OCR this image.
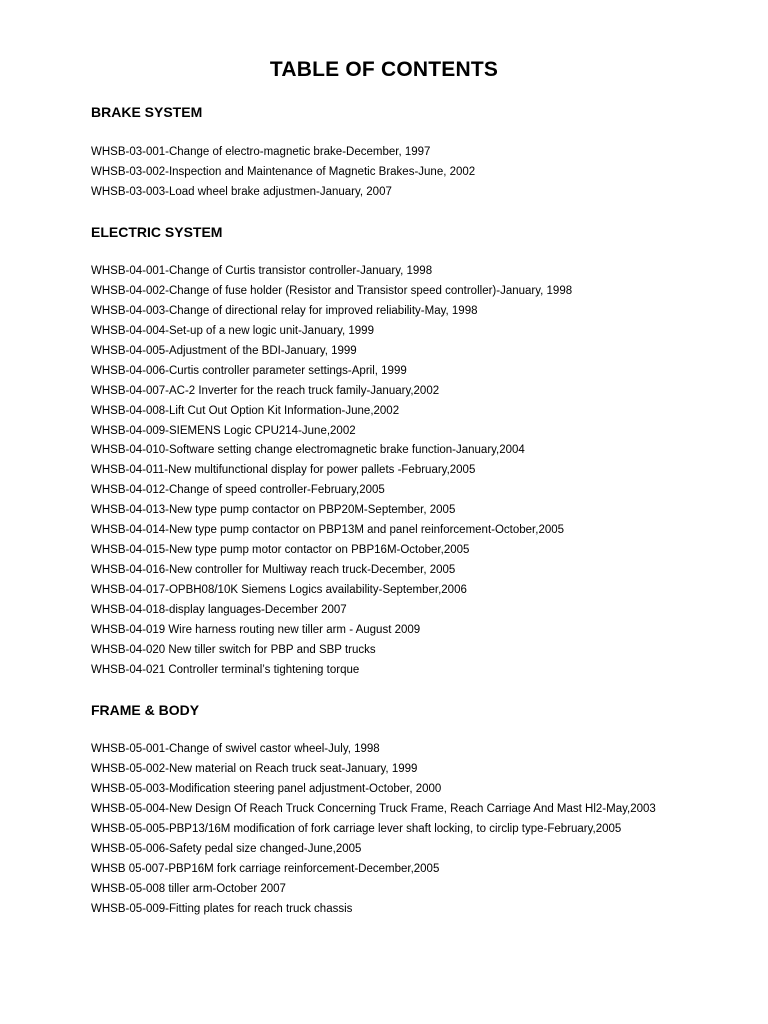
TABLE OF CONTENTS
BRAKE SYSTEM
WHSB-03-001-Change of electro-magnetic brake-December, 1997
WHSB-03-002-Inspection and Maintenance of Magnetic Brakes-June, 2002
WHSB-03-003-Load wheel brake adjustmen-January, 2007
ELECTRIC SYSTEM
WHSB-04-001-Change of Curtis transistor controller-January, 1998
WHSB-04-002-Change of fuse holder (Resistor and Transistor speed controller)-January, 1998
WHSB-04-003-Change of directional relay for improved reliability-May, 1998
WHSB-04-004-Set-up of a new logic unit-January, 1999
WHSB-04-005-Adjustment of the BDI-January, 1999
WHSB-04-006-Curtis controller parameter settings-April, 1999
WHSB-04-007-AC-2 Inverter for the reach truck family-January,2002
WHSB-04-008-Lift Cut Out Option Kit Information-June,2002
WHSB-04-009-SIEMENS Logic CPU214-June,2002
WHSB-04-010-Software setting change electromagnetic brake function-January,2004
WHSB-04-011-New multifunctional display for power pallets -February,2005
WHSB-04-012-Change of speed controller-February,2005
WHSB-04-013-New type pump contactor on PBP20M-September, 2005
WHSB-04-014-New type pump contactor on PBP13M and panel reinforcement-October,2005
WHSB-04-015-New type pump motor contactor on PBP16M-October,2005
WHSB-04-016-New controller for Multiway reach truck-December, 2005
WHSB-04-017-OPBH08/10K Siemens Logics availability-September,2006
WHSB-04-018-display languages-December 2007
WHSB-04-019 Wire harness routing new tiller arm - August 2009
WHSB-04-020 New tiller switch for PBP and SBP trucks
WHSB-04-021 Controller terminal’s tightening torque
FRAME & BODY
WHSB-05-001-Change of swivel castor wheel-July, 1998
WHSB-05-002-New material on Reach truck seat-January, 1999
WHSB-05-003-Modification steering panel adjustment-October, 2000
WHSB-05-004-New Design Of Reach Truck Concerning Truck Frame, Reach Carriage And Mast Hl2-May,2003
WHSB-05-005-PBP13/16M modification of fork carriage lever shaft locking, to circlip type-February,2005
WHSB-05-006-Safety pedal size changed-June,2005
WHSB 05-007-PBP16M fork carriage reinforcement-December,2005
WHSB-05-008 tiller arm-October 2007
WHSB-05-009-Fitting plates for reach truck chassis
